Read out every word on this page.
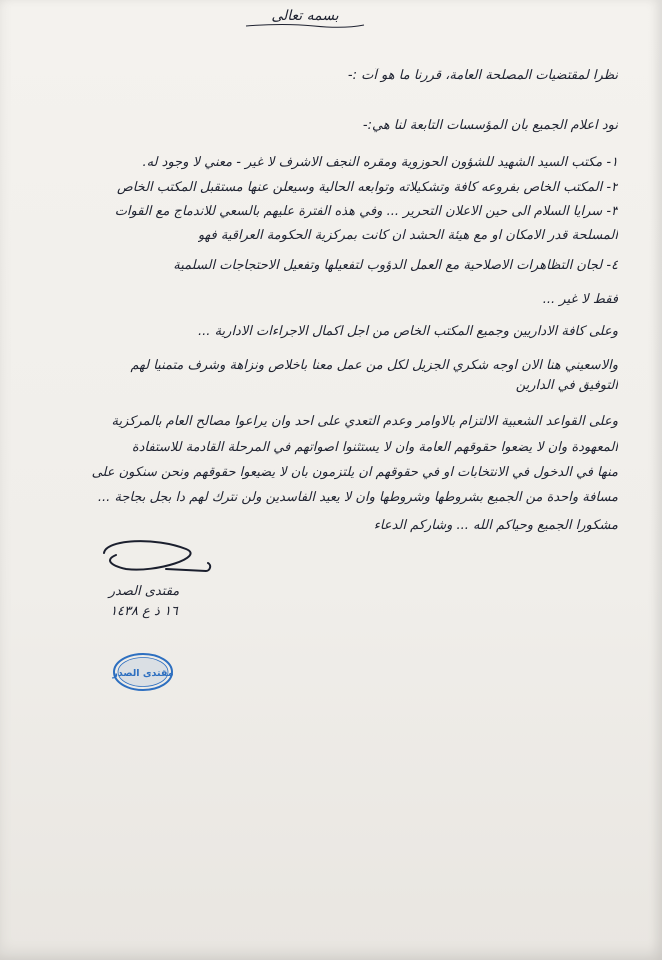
بسمه تعالى
نظرا لمقتضيات المصلحة العامة، قررنا ما هو آت :-
نود اعلام الجميع بأن المؤسسات التابعة لنا هي:-
١- مكتب السيد الشهيد للشؤون الحوزوية ومقره النجف الاشرف لا غير - معني لا وجود له.
٢- المكتب الخاص بفروعه كافة وتشكيلاته وتوابعه الحالية وسيعلن عنها مستقبل المكتب الخاص
٣- سرايا السلام الى حين الاعلان التحرير ... وفي هذه الفترة عليهم بالسعي للاندماج مع القوات
المسلحة قدر الامكان او مع هيئة الحشد ان كانت بمركزية الحكومة العراقية فهو
٤- لجان التظاهرات الاصلاحية مع العمل الدؤوب لتفعيلها وتفعيل الاحتجاجات السلمية
فقط لا غير ...
وعلى كافة الاداريين وجميع المكتب الخاص من اجل اكمال الاجراءات الادارية ...
والاسعيني هنا الان اوجه شكري الجزيل لكل من عمل معنا باخلاص ونزاهة وشرف متمنيا لهم
التوفيق في الدارين
وعلى القواعد الشعبية الالتزام بالاوامر وعدم التعدي على احد وان يراعوا مصالح العام بالمركزية
المعهودة وان لا يضعوا حقوقهم العامة وان لا يستثنوا اصواتهم في المرحلة القادمة للاستفادة
منها في الدخول في الانتخابات او في حقوقهم ان يلتزمون بان لا يضيعوا حقوقهم ونحن سنكون على
مسافة واحدة من الجميع بشروطها وشروطها وان لا يعيد الفاسدين ولن نترك لهم دا بجل بجاجة ...
مشكورا الجميع وحياكم الله ... وشاركم الدعاء
مقتدى الصدر
١٦ ذ ع ١٤٣٨
مقتدى الصدر
